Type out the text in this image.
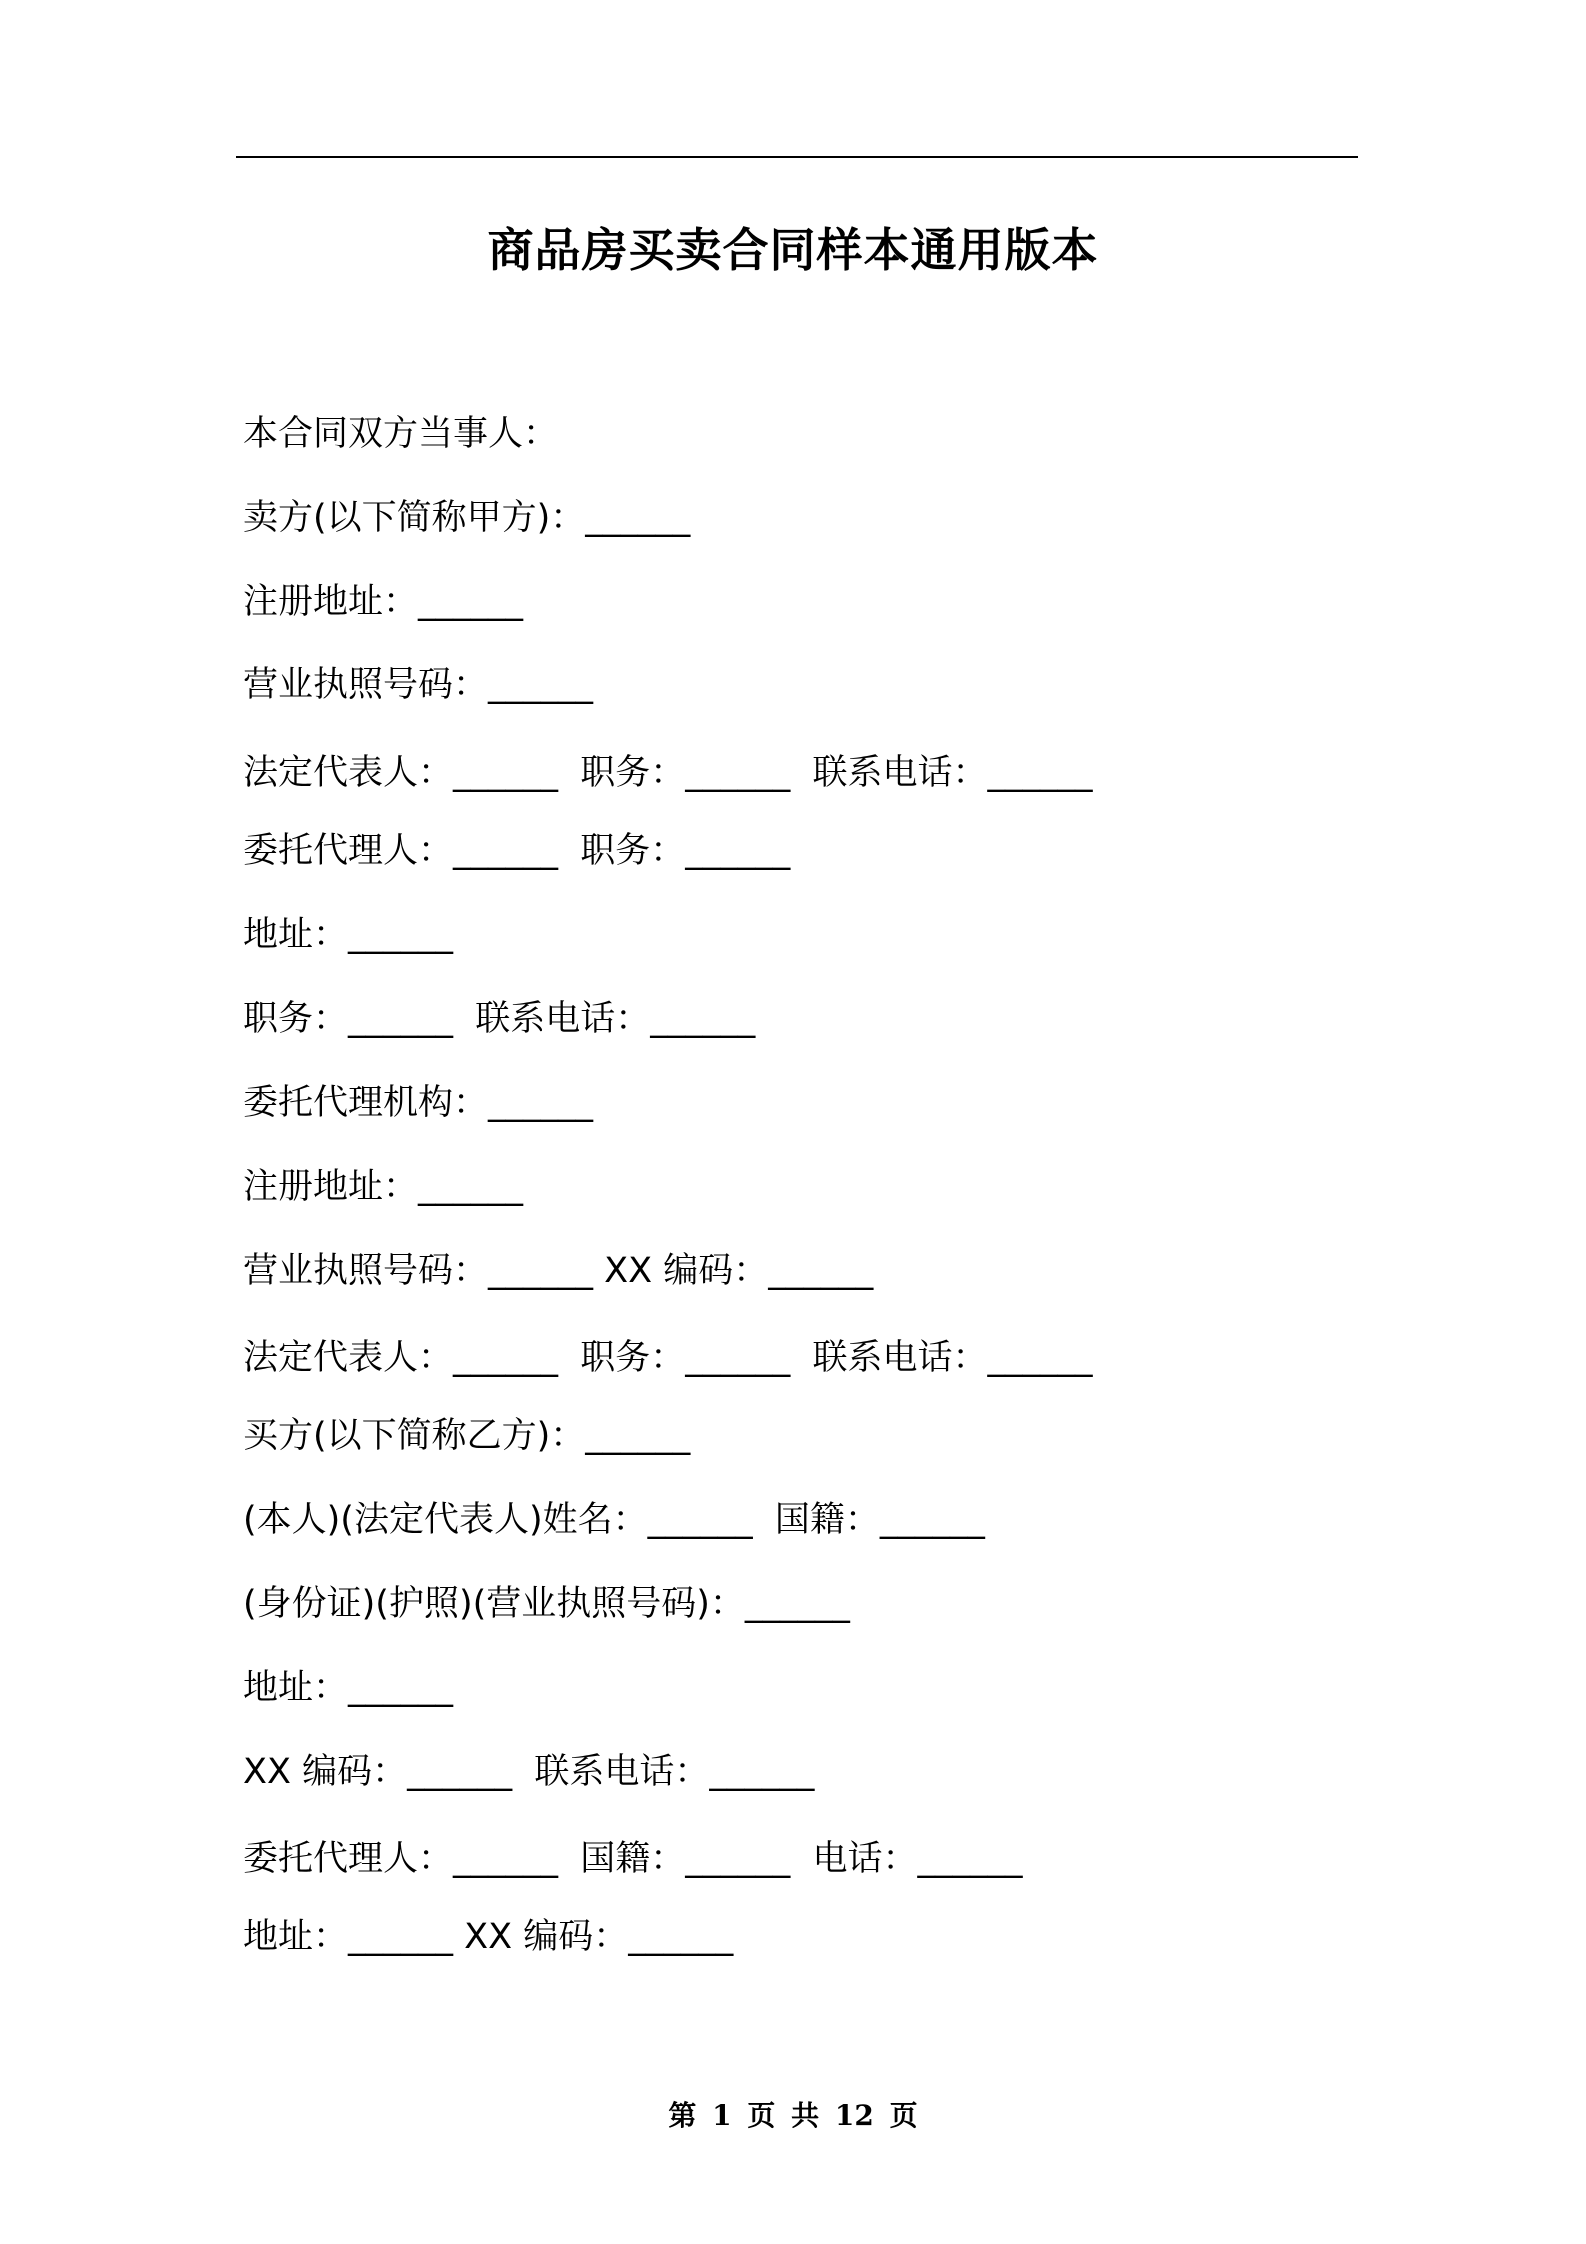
商品房买卖合同样本通用版本
本合同双方当事人：
卖方(以下简称甲方)：______
注册地址：______
营业执照号码：______
法定代表人：______  职务：______  联系电话：______
委托代理人：______  职务：______
地址：______
职务：______  联系电话：______
委托代理机构：______
注册地址：______
营业执照号码：______ XX 编码：______
法定代表人：______  职务：______  联系电话：______
买方(以下简称乙方)：______
(本人)(法定代表人)姓名：______  国籍：______
(身份证)(护照)(营业执照号码)：______
地址：______
XX 编码：______  联系电话：______
委托代理人：______  国籍：______  电话：______
地址：______ XX 编码：______
第 1 页 共 12 页
